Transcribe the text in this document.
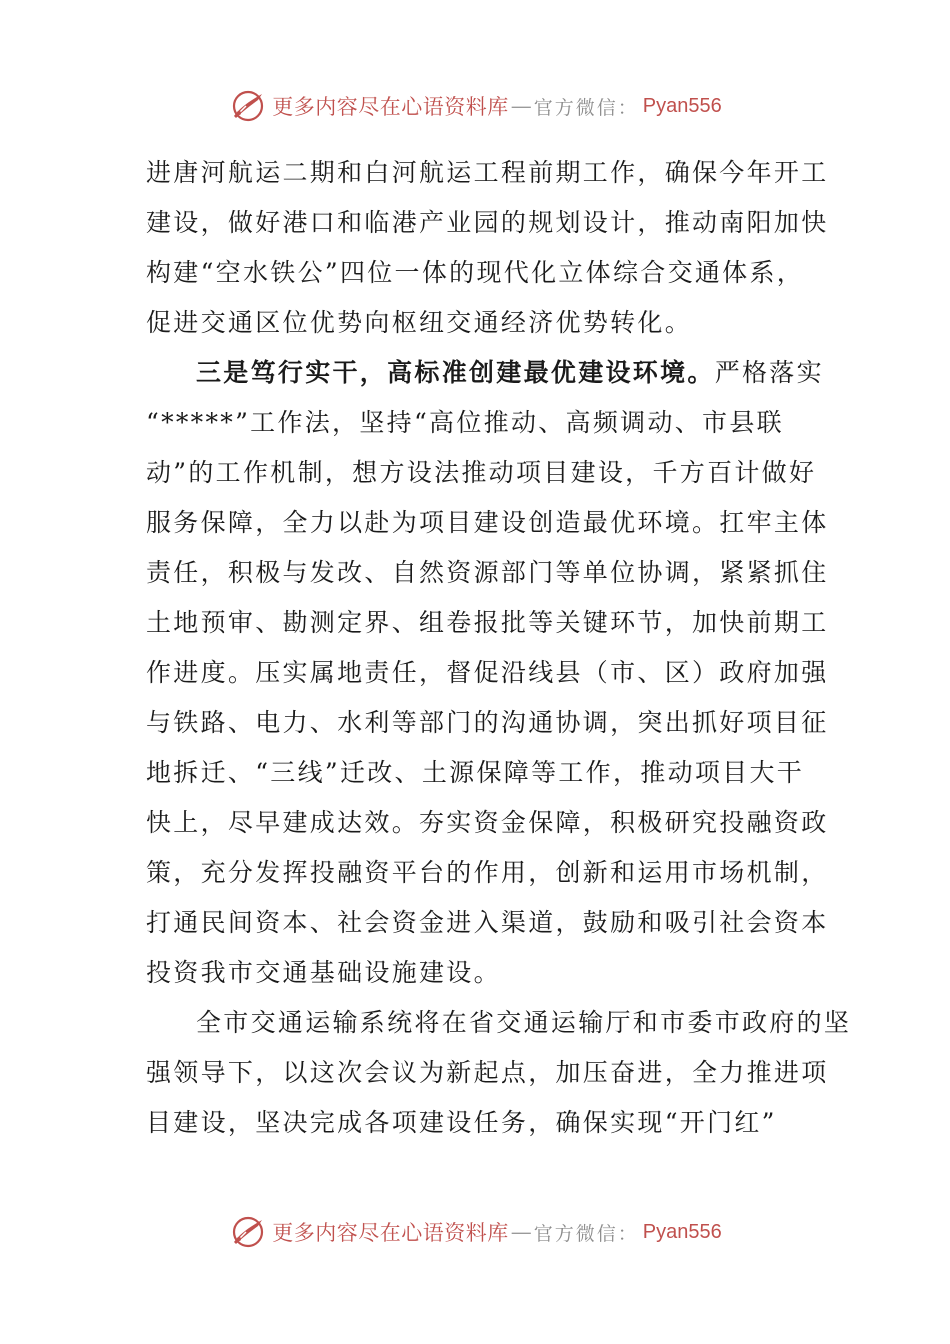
更多内容尽在心语资料库 — 官方微信： Pyan556
进唐河航运二期和白河航运工程前期工作，确保今年开工
建设，做好港口和临港产业园的规划设计，推动南阳加快
构建“空水铁公”四位一体的现代化立体综合交通体系，
促进交通区位优势向枢纽交通经济优势转化。
三是笃行实干，高标准创建最优建设环境。严格落实
“*****”工作法，坚持“高位推动、高频调动、市县联
动”的工作机制，想方设法推动项目建设，千方百计做好
服务保障，全力以赴为项目建设创造最优环境。扛牢主体
责任，积极与发改、自然资源部门等单位协调，紧紧抓住
土地预审、勘测定界、组卷报批等关键环节，加快前期工
作进度。压实属地责任，督促沿线县（市、区）政府加强
与铁路、电力、水利等部门的沟通协调，突出抓好项目征
地拆迁、“三线”迁改、土源保障等工作，推动项目大干
快上，尽早建成达效。夯实资金保障，积极研究投融资政
策，充分发挥投融资平台的作用，创新和运用市场机制，
打通民间资本、社会资金进入渠道，鼓励和吸引社会资本
投资我市交通基础设施建设。
全市交通运输系统将在省交通运输厅和市委市政府的坚
强领导下，以这次会议为新起点，加压奋进，全力推进项
目建设，坚决完成各项建设任务，确保实现“开门红”
更多内容尽在心语资料库 — 官方微信： Pyan556
